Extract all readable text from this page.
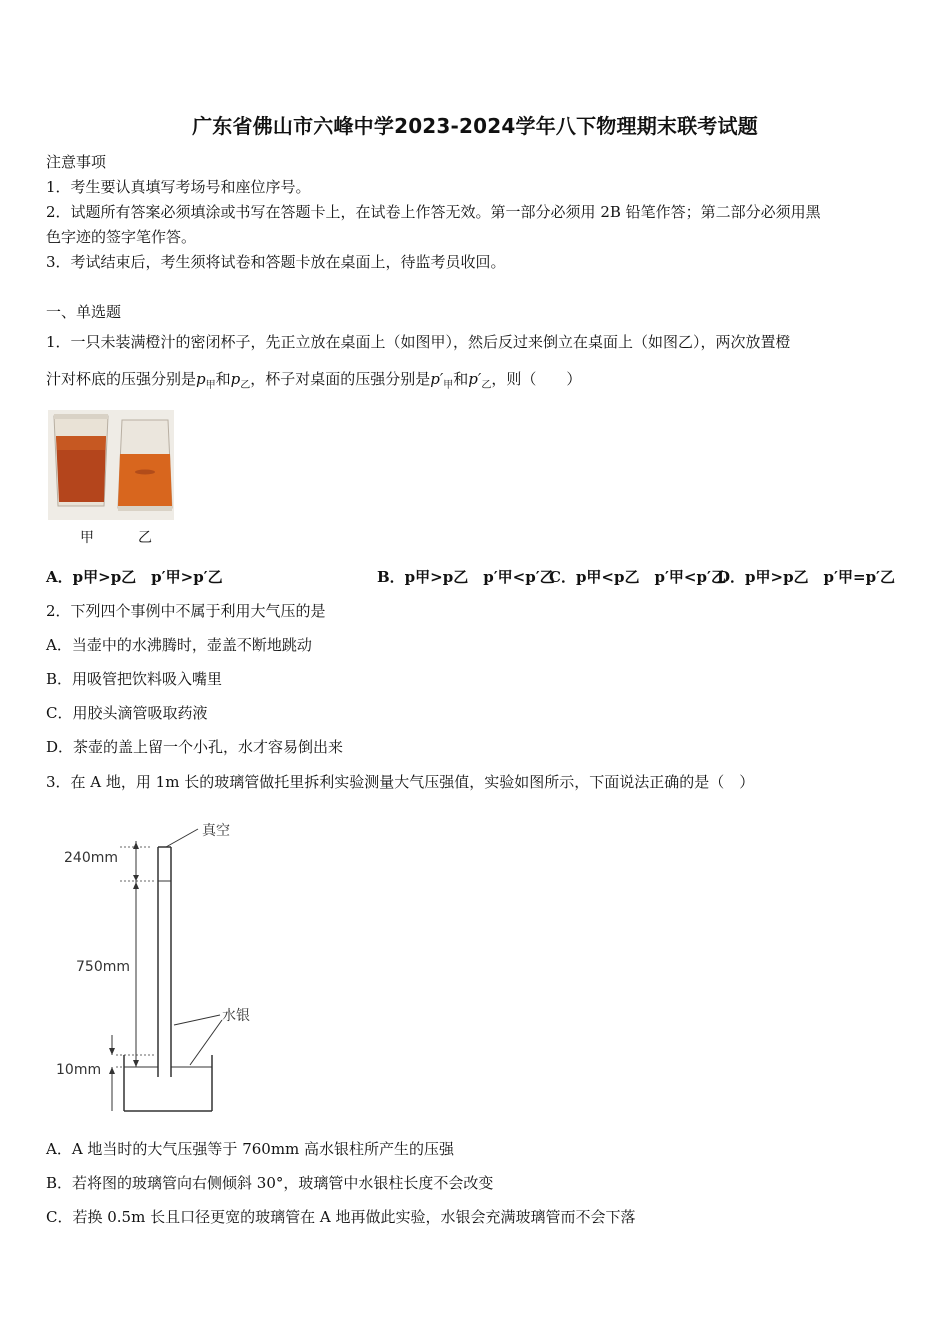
广东省佛山市六峰中学2023-2024学年八下物理期末联考试题
注意事项
1．考生要认真填写考场号和座位序号。
2．试题所有答案必须填涂或书写在答题卡上，在试卷上作答无效。第一部分必须用 2B 铅笔作答；第二部分必须用黑
色字迹的签字笔作答。
3．考试结束后，考生须将试卷和答题卡放在桌面上，待监考员收回。
一、单选题
1．一只未装满橙汁的密闭杯子，先正立放在桌面上（如图甲），然后反过来倒立在桌面上（如图乙），两次放置橙
汁对杯底的压强分别是$p_甲$和$p_乙$，杯子对桌面的压强分别是$p'_甲$和$p'_乙$，则（　　）
甲	乙
A．p甲>p乙　p′甲>p′乙	B．p甲>p乙　p′甲<p′乙
C．p甲<p乙　p′甲<p′乙
D．p甲>p乙　p′甲=p′乙
2．下列四个事例中不属于利用大气压的是
A．当壶中的水沸腾时，壶盖不断地跳动
B．用吸管把饮料吸入嘴里
C．用胶头滴管吸取药液
D．茶壶的盖上留一个小孔，水才容易倒出来
3．在 A 地，用 1m 长的玻璃管做托里拆利实验测量大气压强值，实验如图所示，下面说法正确的是（　）
真空
240mm
750mm
水银
10mm
A．A 地当时的大气压强等于 760mm 高水银柱所产生的压强
B．若将图的玻璃管向右侧倾斜 30°，玻璃管中水银柱长度不会改变
C．若换 0.5m 长且口径更宽的玻璃管在 A 地再做此实验，水银会充满玻璃管而不会下落
